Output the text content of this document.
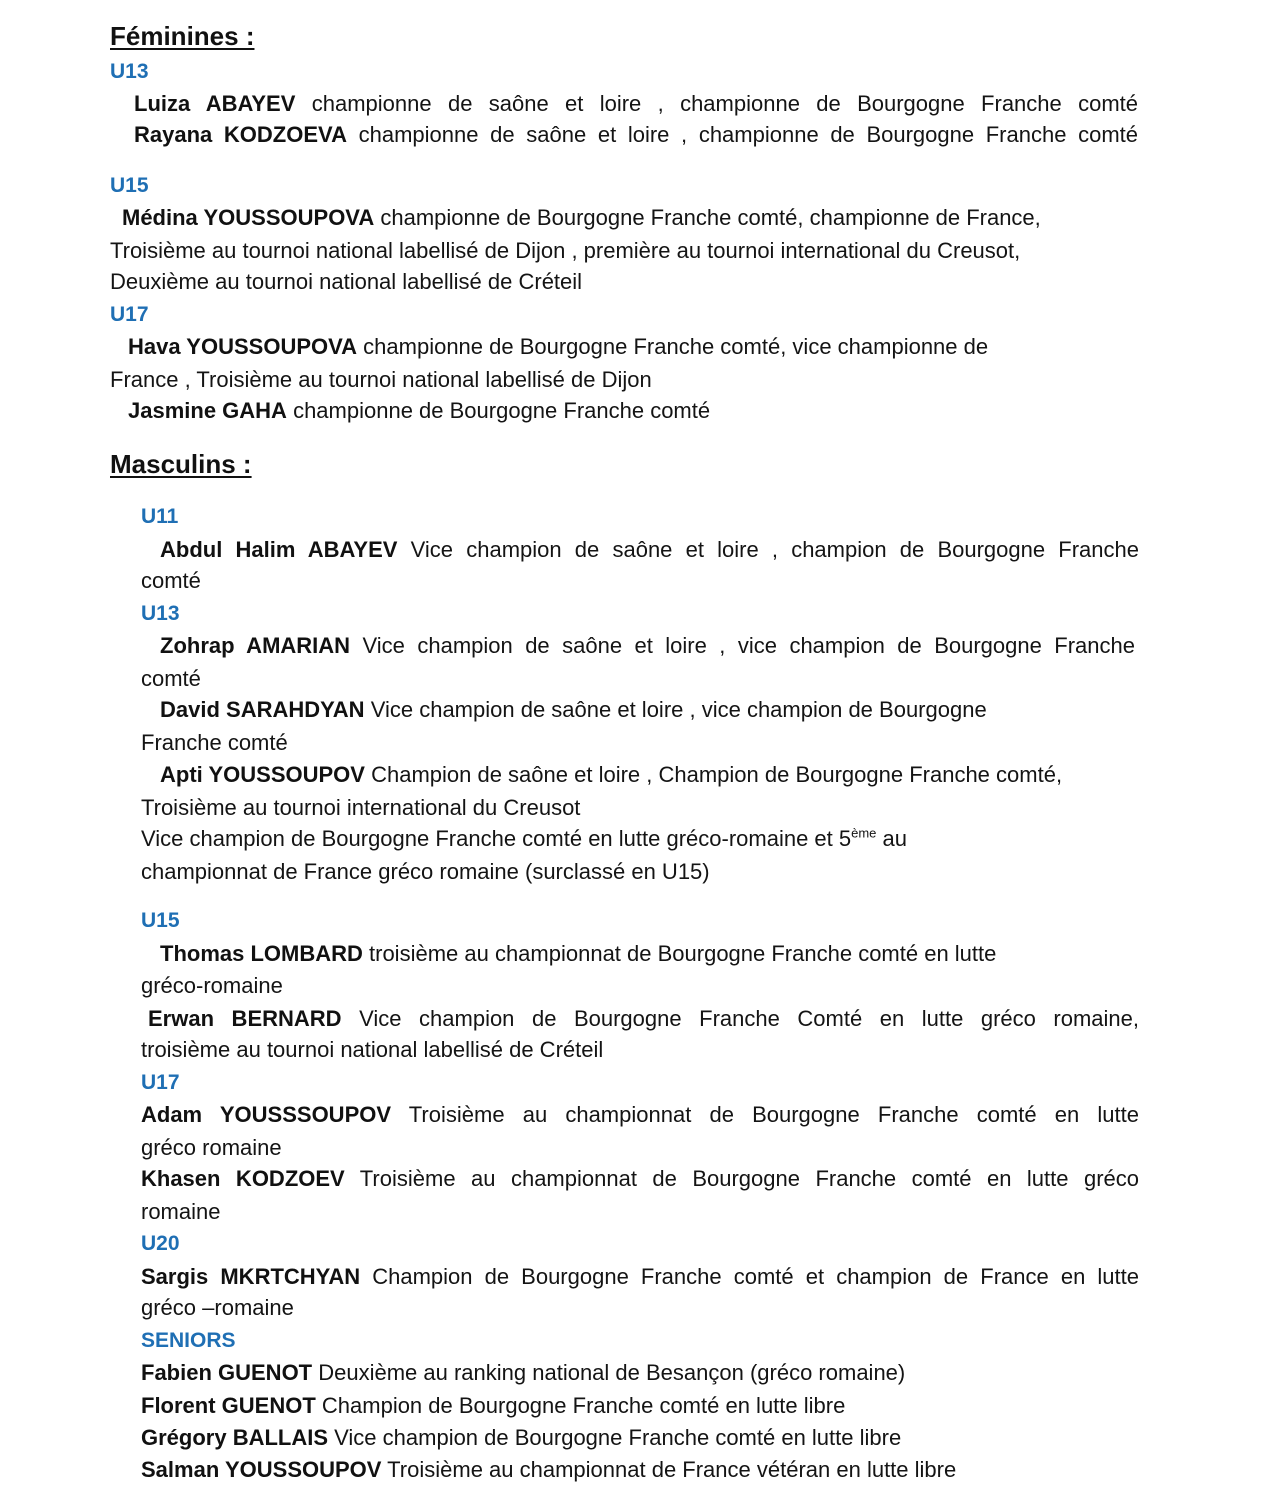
Féminines :
U13
Luiza ABAYEV championne de saône et loire , championne de Bourgogne Franche comté
Rayana KODZOEVA championne de saône et loire , championne de Bourgogne Franche comté
U15
Médina YOUSSOUPOVA championne de Bourgogne Franche comté, championne de France,
Troisième au tournoi national labellisé de Dijon , première au tournoi international du Creusot,
Deuxième au tournoi national labellisé de Créteil
U17
Hava YOUSSOUPOVA championne de Bourgogne Franche comté, vice championne de
France , Troisième au tournoi national labellisé de Dijon
Jasmine GAHA championne de Bourgogne Franche comté
Masculins :
U11
Abdul Halim ABAYEV Vice champion de saône et loire , champion de Bourgogne Franche
comté
U13
Zohrap AMARIAN Vice champion de saône et loire , vice champion de Bourgogne Franche
comté
David SARAHDYAN Vice champion de saône et loire , vice champion de Bourgogne
Franche comté
Apti YOUSSOUPOV Champion de saône et loire , Champion de Bourgogne Franche comté,
Troisième au tournoi international du Creusot
Vice champion de Bourgogne Franche comté en lutte gréco-romaine et 5ème au
championnat de France gréco romaine (surclassé en U15)
U15
Thomas LOMBARD troisième au championnat de Bourgogne Franche comté en lutte
gréco-romaine
Erwan BERNARD Vice champion de Bourgogne Franche Comté en lutte gréco romaine,
troisième au tournoi national labellisé de Créteil
U17
Adam YOUSSSOUPOV Troisième au championnat de Bourgogne Franche comté en lutte
gréco romaine
Khasen KODZOEV Troisième au championnat de Bourgogne Franche comté en lutte gréco
romaine
U20
Sargis MKRTCHYAN Champion de Bourgogne Franche comté et champion de France en lutte
gréco –romaine
SENIORS
Fabien GUENOT Deuxième au ranking national de Besançon (gréco romaine)
Florent GUENOT Champion de Bourgogne Franche comté en lutte libre
Grégory BALLAIS Vice champion de Bourgogne Franche comté en lutte libre
Salman YOUSSOUPOV Troisième au championnat de France vétéran en lutte libre
